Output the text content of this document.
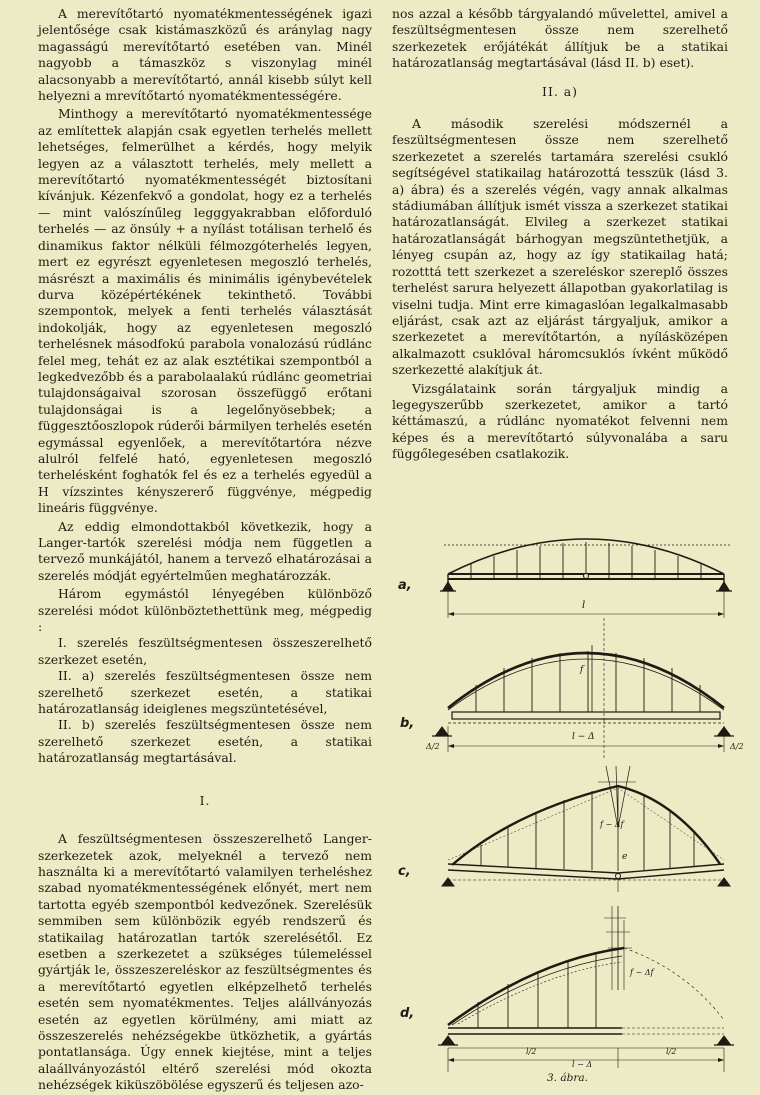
A merevítőtartó nyomatékmentességének igazi jelentősége csak kistámaszközű és aránylag nagy magasságú merevítőtartó esetében van. Minél nagyobb a támaszköz s viszonylag minél alacsonyabb a merevítőtartó, annál kisebb súlyt kell helyezni a mrevítőtartó nyomatékmentességére.

Minthogy a merevítőtartó nyomatékmentessége az említettek alapján csak egyetlen terhelés mellett lehetséges, felmerülhet a kérdés, hogy melyik legyen az a választott terhelés, mely mellett a merevítőtartó nyomatékmentességét biztosítani kívánjuk. Kézenfekvő a gondolat, hogy ez a terhelés — mint valószínűleg legggyakrabban előforduló terhelés — az önsúly + a nyílást totálisan terhelő és dinamikus faktor nélküli félmozgóterhelés legyen, mert ez egyrészt egyenletesen megoszló terhelés, másrészt a maximális és minimális igénybevételek durva középértékének tekinthető. További szempontok, melyek a fenti terhelés választását indokolják, hogy az egyenletesen megoszló terhelésnek másodfokú parabola vonalozású rúdlánc felel meg, tehát ez az alak esztétikai szempontból a legkedvezőbb és a parabolaalakú rúdlánc geometriai tulajdonságaival szorosan összefüggő erőtani tulajdonságai is a legelőnyösebbek; a függesztőoszlopok rúderői bármilyen terhelés esetén egymással egyenlőek, a merevítőtartóra nézve alulról felfelé ható, egyenletesen megoszló terhelésként foghatók fel és ez a terhelés egyedül a H vízszintes kényszererő függvénye, mégpedig lineáris függvénye.

Az eddig elmondottakból következik, hogy a Langer-tartók szerelési módja nem független a tervező munkájától, hanem a tervező elhatározásai a szerelés módját egyértelműen meghatározzák.

Három egymástól lényegében különböző szerelési módot különböztethettünk meg, mégpedig :

I. szerelés feszültségmentesen összeszerelhető szerkezet esetén,

II. a) szerelés feszültségmentesen össze nem szerelhető szerkezet esetén, a statikai határozatlanság ideiglenes megszüntetésével,

II. b) szerelés feszültségmentesen össze nem szerelhető szerkezet esetén, a statikai határozatlanság megtartásával.

I.

A feszültségmentesen összeszerelhető Langer-szerkezetek azok, melyeknél a tervező nem használta ki a merevítőtartó valamilyen terheléshez szabad nyomatékmentességének előnyét, mert nem tartotta egyéb szempontból kedvezőnek. Szerelésük semmiben sem különbözik egyéb rendszerű és statikailag határozatlan tartók szerelésétől. Ez esetben a szerkezetet a szükséges túlemeléssel gyártják le, összeszereléskor az feszültségmentes és a merevítőtartó egyetlen elképzelhető terhelés esetén sem nyomatékmentes. Teljes alállványozás esetén az egyetlen körülmény, ami miatt az összeszerelés nehézségekbe ütközhetik, a gyártás pontatlansága. Úgy ennek kiejtése, mint a teljes alaállványozástól eltérő szerelési mód okozta nehézségek kiküszöbölése egyszerű és teljesen azo-

nos azzal a később tárgyalandó művelettel, amivel a feszültségmentesen össze nem szerelhető szerkezetek erőjátékát állítjuk be a statikai határozatlanság megtartásával (lásd II. b) eset).

II. a)

A második szerelési módszernél a feszültségmentesen össze nem szerelhető szerkezetet a szerelés tartamára szerelési csukló segítségével statikailag határozottá tesszük (lásd 3. a) ábra) és a szerelés végén, vagy annak alkalmas stádiumában állítjuk ismét vissza a szerkezet statikai határozatlanságát. Elvileg a szerkezet statikai határozatlanságát bárhogyan megszüntethetjük, a lényeg csupán az, hogy az így statikailag hatá; rozotttá tett szerkezet a szereléskor szereplő összes terhelést sarura helyezett állapotban gyakorlatilag is viselni tudja. Mint erre kimagaslóan legalkalmasabb eljárást, csak azt az eljárást tárgyaljuk, amikor a szerkezetet a merevítőtartón, a nyílásközépen alkalmazott csuklóval háromcsuklós ívként működő szerkezetté alakítjuk át.

Vizsgálataink során tárgyaljuk mindig a legegyszerűbb szerkezetet, amikor a tartó kéttámaszú, a rúdlánc nyomatékot felvenni nem képes és a merevítőtartó súlyvonalába a saru függőlegesében csatlakozik.

a,
b,
c,
d,
l
l − Δ
f
f − Δf
e
f − Δf
l/2	l/2
l − Δ
Δ/2	Δ/2
3. ábra.
